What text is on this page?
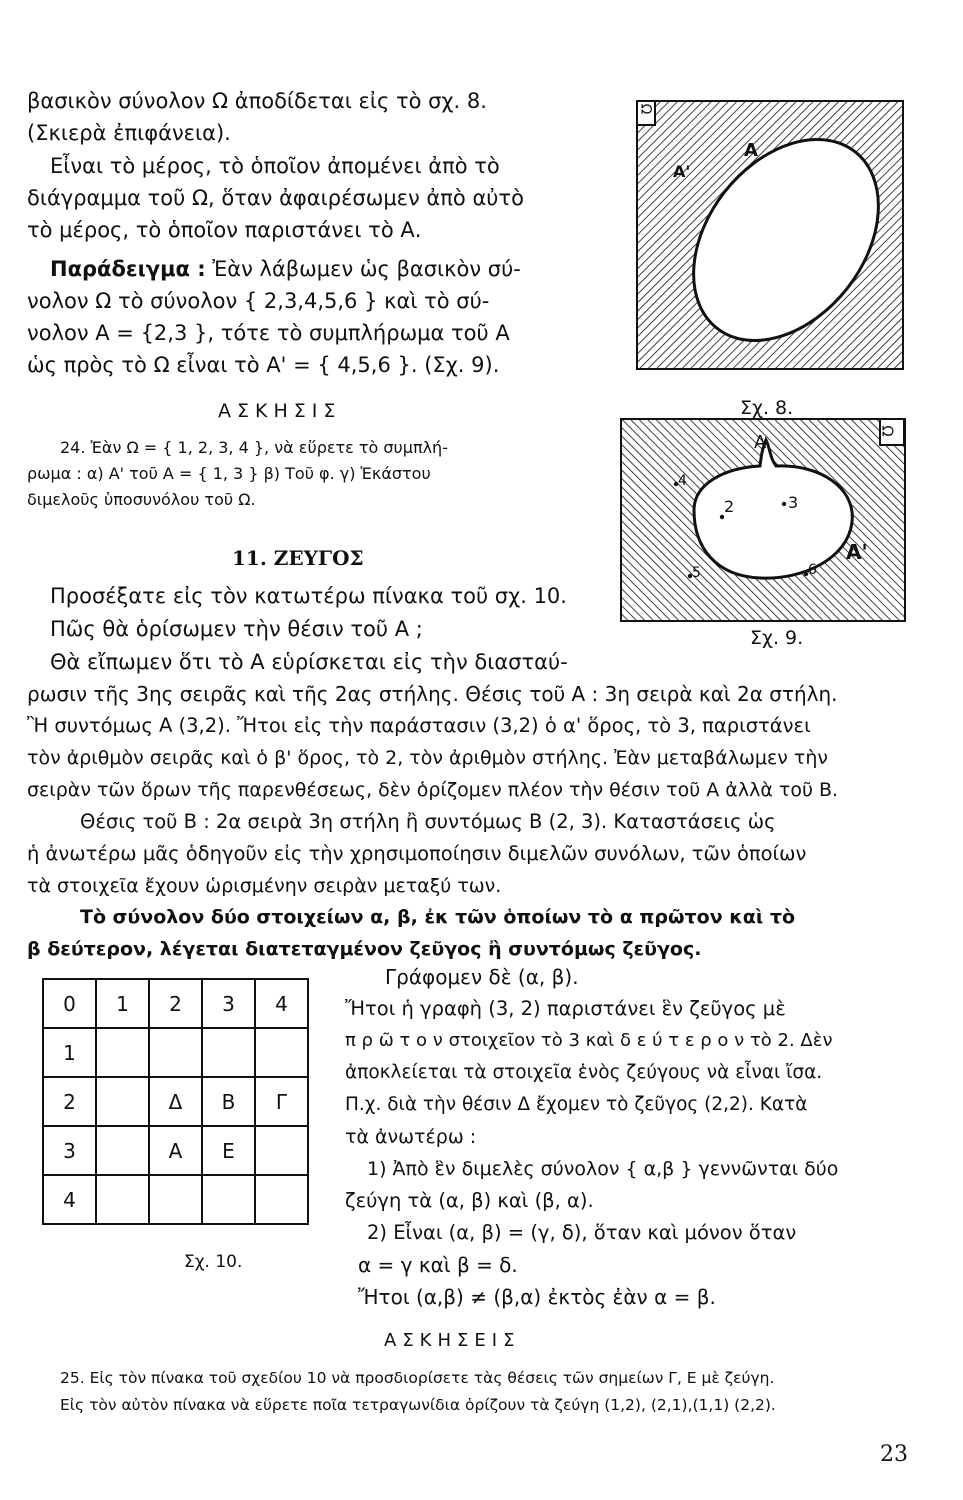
βασικὸν σύνολον Ω ἀποδίδεται εἰς τὸ σχ. 8.
(Σκιερὰ ἐπιφάνεια).
Εἶναι τὸ μέρος, τὸ ὁποῖον ἀπομένει ἀπὸ τὸ
διάγραμμα τοῦ Ω, ὅταν ἀφαιρέσωμεν ἀπὸ αὐτὸ
τὸ μέρος, τὸ ὁποῖον παριστάνει τὸ Α.
Παράδειγμα : Ἐὰν λάβωμεν ὡς βασικὸν σύ-
νολον Ω τὸ σύνολον { 2,3,4,5,6 } καὶ τὸ σύ-
νολον Α = {2,3 }, τότε τὸ συμπλήρωμα τοῦ Α
ὡς πρὸς τὸ Ω εἶναι τὸ Α' = { 4,5,6 }. (Σχ. 9).
ΑΣΚΗΣΙΣ
24. Ἐὰν Ω = { 1, 2, 3, 4 }, νὰ εὕρετε τὸ συμπλή-
ρωμα : α) Α' τοῦ Α = { 1, 3 } β) Τοῦ φ. γ) Ἑκάστου
διμελοῦς ὑποσυνόλου τοῦ Ω.
Ω
Α
Α'
Σχ. 8.
Ω
Α
Α'
2	3
4
5	6
Σχ. 9.
11. ΖΕΥΓΟΣ
Προσέξατε εἰς τὸν κατωτέρω πίνακα τοῦ σχ. 10.
Πῶς θὰ ὁρίσωμεν τὴν θέσιν τοῦ Α ;
Θὰ εἴπωμεν ὅτι τὸ Α εὑρίσκεται εἰς τὴν διασταύ-
ρωσιν τῆς 3ης σειρᾶς καὶ τῆς 2ας στήλης. Θέσις τοῦ Α : 3η σειρὰ καὶ 2α στήλη.
Ἢ συντόμως Α (3,2). Ἤτοι εἰς τὴν παράστασιν (3,2) ὁ α' ὅρος, τὸ 3, παριστάνει
τὸν ἀριθμὸν σειρᾶς καὶ ὁ β' ὅρος, τὸ 2, τὸν ἀριθμὸν στήλης. Ἐὰν μεταβάλωμεν τὴν
σειρὰν τῶν ὅρων τῆς παρενθέσεως, δὲν ὁρίζομεν πλέον τὴν θέσιν τοῦ Α ἀλλὰ τοῦ Β.
Θέσις τοῦ Β : 2α σειρὰ 3η στήλη ἢ συντόμως Β (2, 3). Καταστάσεις ὡς
ἡ ἀνωτέρω μᾶς ὁδηγοῦν εἰς τὴν χρησιμοποίησιν διμελῶν συνόλων, τῶν ὁποίων
τὰ στοιχεῖα ἔχουν ὡρισμένην σειρὰν μεταξύ των.
Τὸ σύνολον δύο στοιχείων α, β, ἐκ τῶν ὁποίων τὸ α πρῶτον καὶ τὸ
β δεύτερον, λέγεται διατεταγμένον ζεῦγος ἢ συντόμως ζεῦγος.
0	1	2	3	4
1				
2		Δ	Β	Γ
3		Α	Ε	
4				
Σχ. 10.
Γράφομεν δὲ (α, β).
Ἤτοι ἡ γραφὴ (3, 2) παριστάνει ἓν ζεῦγος μὲ
π ρ ῶ τ ο ν στοιχεῖον τὸ 3 καὶ δ ε ύ τ ε ρ ο ν τὸ 2. Δὲν
ἀποκλείεται τὰ στοιχεῖα ἑνὸς ζεύγους νὰ εἶναι ἴσα.
Π.χ. διὰ τὴν θέσιν Δ ἔχομεν τὸ ζεῦγος (2,2). Κατὰ
τὰ ἀνωτέρω :
1) Ἀπὸ ἓν διμελὲς σύνολον { α,β } γεννῶνται δύο
ζεύγη τὰ (α, β) καὶ (β, α).
2) Εἶναι (α, β) = (γ, δ), ὅταν καὶ μόνον ὅταν
α = γ καὶ β = δ.
Ἤτοι (α,β) ≠ (β,α) ἐκτὸς ἐὰν α = β.
ΑΣΚΗΣΕΙΣ
25. Εἰς τὸν πίνακα τοῦ σχεδίου 10 νὰ προσδιορίσετε τὰς θέσεις τῶν σημείων Γ, Ε μὲ ζεύγη.
Εἰς τὸν αὐτὸν πίνακα νὰ εὕρετε ποῖα τετραγωνίδια ὁρίζουν τὰ ζεύγη (1,2), (2,1),(1,1) (2,2).
23
